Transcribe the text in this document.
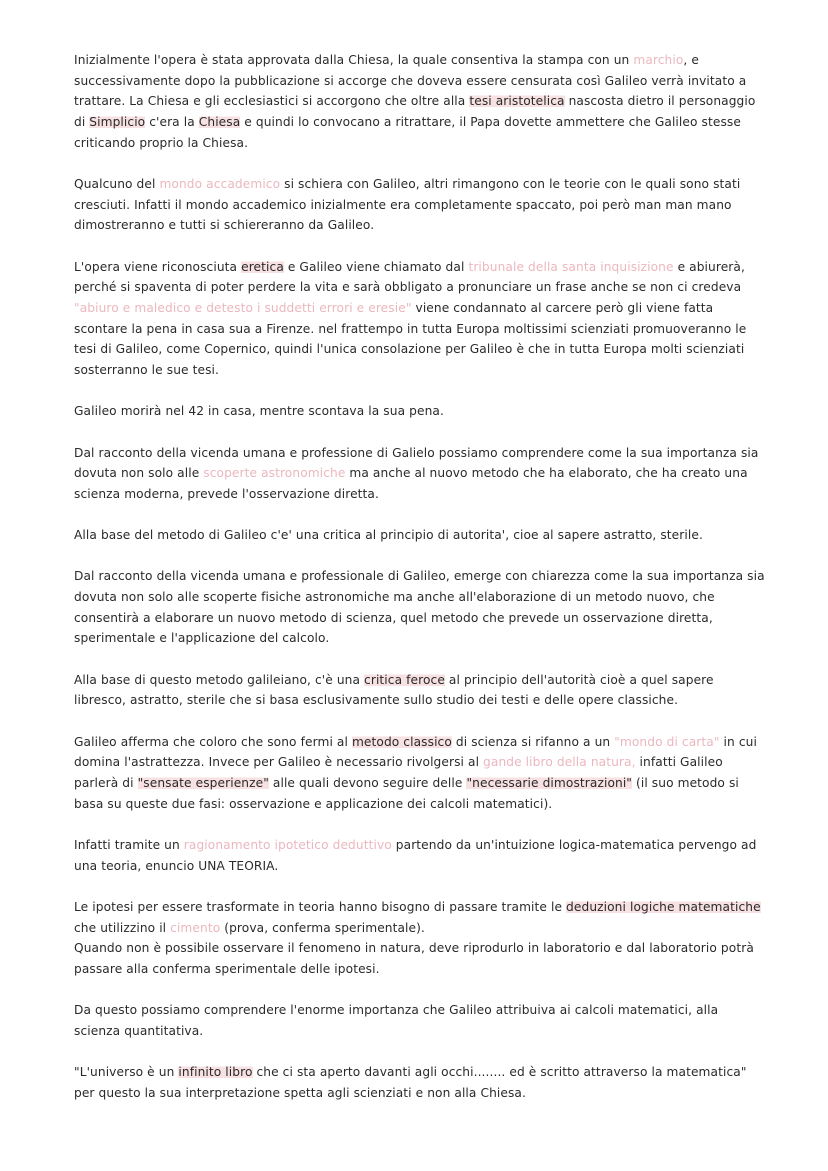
Inizialmente l'opera è stata approvata dalla Chiesa, la quale consentiva la stampa con un marchio, e successivamente dopo la pubblicazione si accorge che doveva essere censurata così Galileo verrà invitato a trattare. La Chiesa e gli ecclesiastici si accorgono che oltre alla tesi aristotelica nascosta dietro il personaggio di Simplicio c'era la Chiesa e quindi lo convocano a ritrattare, il Papa dovette ammettere che Galileo stesse criticando proprio la Chiesa.
Qualcuno del mondo accademico si schiera con Galileo, altri rimangono con le teorie con le quali sono stati cresciuti. Infatti il mondo accademico inizialmente era completamente spaccato, poi però man man mano dimostreranno e tutti si schiereranno da Galileo.
L'opera viene riconosciuta eretica e Galileo viene chiamato dal tribunale della santa inquisizione e abiurerà, perché si spaventa di poter perdere la vita e sarà obbligato a pronunciare un frase anche se non ci credeva "abiuro e maledico e detesto i suddetti errori e eresie" viene condannato al carcere però gli viene fatta scontare la pena in casa sua a Firenze. nel frattempo in tutta Europa moltissimi scienziati promuoveranno le tesi di Galileo, come Copernico, quindi l'unica consolazione per Galileo è che in tutta Europa molti scienziati sosterranno le sue tesi.
Galileo morirà nel 42 in casa, mentre scontava la sua pena.
Dal racconto della vicenda umana e professione di Galielo possiamo comprendere come la sua importanza sia dovuta non solo alle scoperte astronomiche ma anche al nuovo metodo che ha elaborato, che ha creato una scienza moderna, prevede l'osservazione diretta.
Alla base del metodo di Galileo c'e' una critica al principio di autorita', cioe al sapere astratto, sterile.
Dal racconto della vicenda umana e professionale di Galileo, emerge con chiarezza come la sua importanza sia dovuta non solo alle scoperte fisiche astronomiche ma anche all'elaborazione di un metodo nuovo, che consentirà a elaborare un nuovo metodo di scienza, quel metodo che prevede un osservazione diretta, sperimentale e l'applicazione del calcolo.
Alla base di questo metodo galileiano, c'è una critica feroce al principio dell'autorità cioè a quel sapere libresco, astratto, sterile che si basa esclusivamente sullo studio dei testi e delle opere classiche.
Galileo afferma che coloro che sono fermi al metodo classico di scienza si rifanno a un "mondo di carta" in cui domina l'astrattezza. Invece per Galileo è necessario rivolgersi al gande libro della natura, infatti Galileo parlerà di "sensate esperienze" alle quali devono seguire delle "necessarie dimostrazioni" (il suo metodo si basa su queste due fasi: osservazione e applicazione dei calcoli matematici).
Infatti tramite un ragionamento ipotetico deduttivo partendo da un'intuizione logica-matematica pervengo ad una teoria, enuncio UNA TEORIA.
Le ipotesi per essere trasformate in teoria hanno bisogno di passare tramite le deduzioni logiche matematiche che utilizzino il cimento (prova, conferma sperimentale).
Quando non è possibile osservare il fenomeno in natura, deve riprodurlo in laboratorio e dal laboratorio potrà passare alla conferma sperimentale delle ipotesi.
Da questo possiamo comprendere l'enorme importanza che Galileo attribuiva ai calcoli matematici, alla scienza quantitativa.
"L'universo è un infinito libro che ci sta aperto davanti agli occhi........ ed è scritto attraverso la matematica" per questo la sua interpretazione spetta agli scienziati e non alla Chiesa.
